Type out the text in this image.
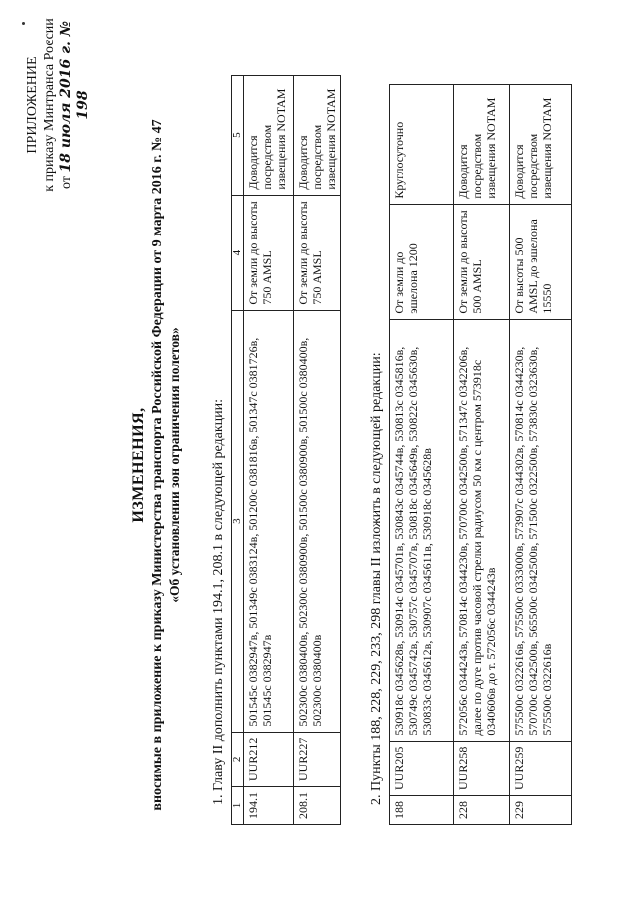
ПРИЛОЖЕНИЕ к приказу Минтранса России от 18 июля 2016 г. № 198
ИЗМЕНЕНИЯ, вносимые в приложение к приказу Министерства транспорта Российской Федерации от 9 марта 2016 г. № 47 «Об установлении зон ограничения полетов» 1. Главу II дополнить пунктами 194.1, 208.1 в следующей редакции:
1	2	3	4	5
194.1	UUR212	501545с 0382947в, 501349с 0383124в, 501200с 0381816в, 501347с 0381726в, 501545с 0382947в	От земли до высоты 750 AMSL	Доводится посредством извещения NOTAM
208.1	UUR227	502300с 0380400в, 502300с 0380900в, 501500с 0380900в, 501500с 0380400в, 502300с 0380400в	От земли до высоты 750 AMSL	Доводится посредством извещения NOTAM
2. Пункты 188, 228, 229, 233, 298 главы II изложить в следующей редакции:
188	UUR205	530918с 0345628в, 530914с 0345701в, 530843с 0345744в, 530813с 0345816в, 530749с 0345742в, 530757с 0345707в, 530818с 0345649в, 530822с 0345630в, 530833с 0345612в, 530907с 0345611в, 530918с 0345628в	От земли до эшелона 1200	Круглосуточно
228	UUR258	572056с 0344243в, 570814с 0344230в, 570700с 0342500в, 571347с 0342206в, далее по дуге против часовой стрелки радиусом 50 км с центром 573918с 0340606в до т. 572056с 0344243в	От земли до высоты 500 AMSL	Доводится посредством извещения NOTAM
229	UUR259	575500с 0322616в, 575500с 0333000в, 573907с 0344302в, 570814с 0344230в, 570700с 0342500в, 565500с 0342500в, 571500с 0322500в, 573830с 0323630в, 575500с 0322616в	От высоты 500 AMSL до эшелона 15550	Доводится посредством извещения NOTAM
